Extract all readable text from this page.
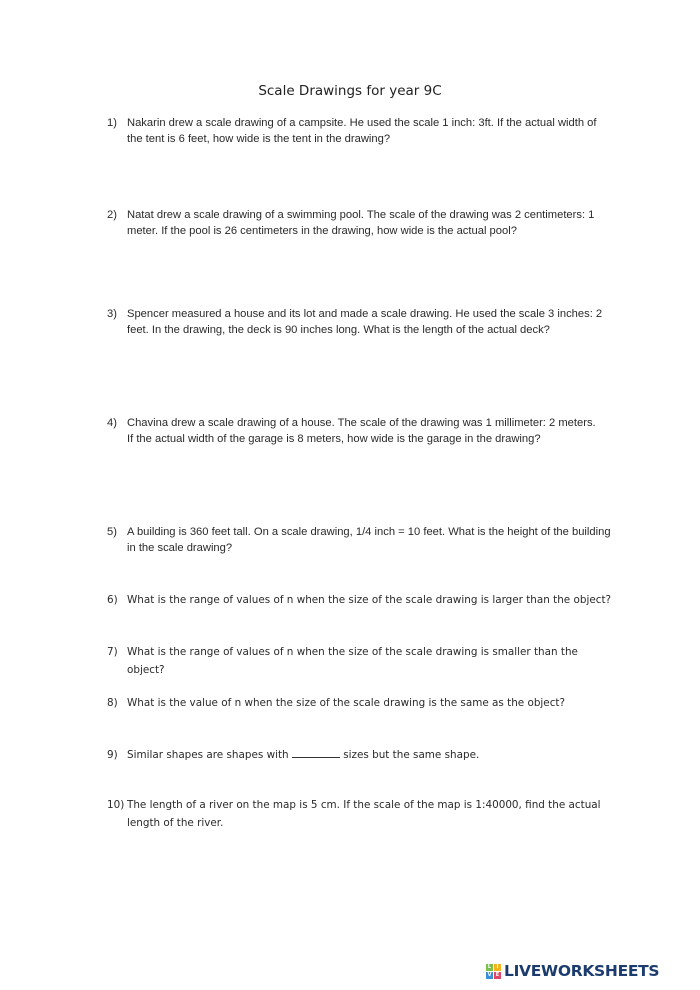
Scale Drawings for year 9C
1) Nakarin drew a scale drawing of a campsite. He used the scale 1 inch: 3ft. If the actual width of the tent is 6 feet, how wide is the tent in the drawing?
2) Natat drew a scale drawing of a swimming pool. The scale of the drawing was 2 centimeters: 1 meter. If the pool is 26 centimeters in the drawing, how wide is the actual pool?
3) Spencer measured a house and its lot and made a scale drawing. He used the scale 3 inches: 2 feet. In the drawing, the deck is 90 inches long. What is the length of the actual deck?
4) Chavina drew a scale drawing of a house. The scale of the drawing was 1 millimeter: 2 meters. If the actual width of the garage is 8 meters, how wide is the garage in the drawing?
5) A building is 360 feet tall. On a scale drawing, 1/4 inch = 10 feet. What is the height of the building in the scale drawing?
6) What is the range of values of n when the size of the scale drawing is larger than the object?
7) What is the range of values of n when the size of the scale drawing is smaller than the object?
8) What is the value of n when the size of the scale drawing is the same as the object?
9) Similar shapes are shapes with	sizes but the same shape.
10) The length of a river on the map is 5 cm. If the scale of the map is 1:40000, find the actual length of the river.
L	I
V E LIVEWORKSHEETS
